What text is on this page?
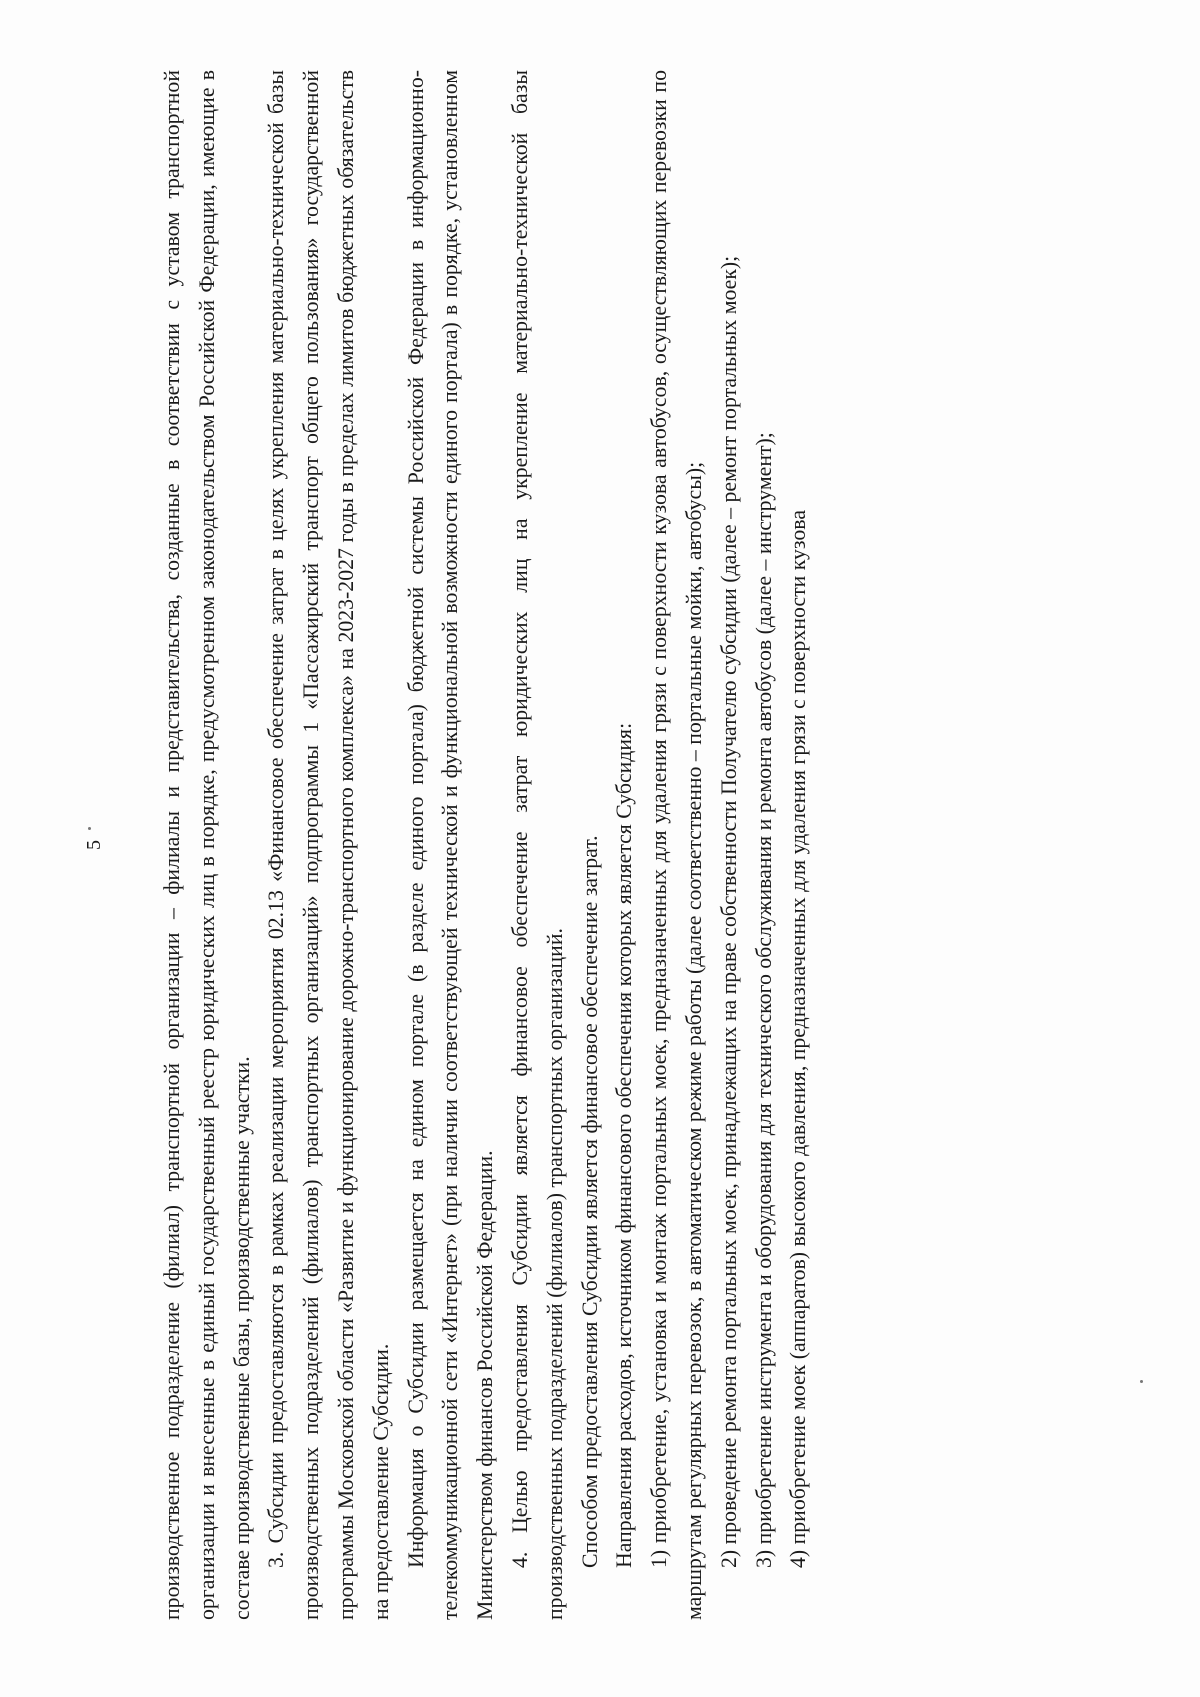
5	производственное подразделение (филиал) транспортной организации – филиалы и представительства, созданные в соответствии с уставом транспортной организации и внесенные в единый государственный реестр юридических лиц в порядке, предусмотренном законодательством Российской Федерации, имеющие в составе производственные базы, производственные участки. 3. Субсидии предоставляются в рамках реализации мероприятия 02.13 «Финансовое обеспечение затрат в целях укрепления материально-технической базы производственных подразделений (филиалов) транспортных организаций» подпрограммы 1 «Пассажирский транспорт общего пользования» государственной программы Московской области «Развитие и функционирование дорожно-транспортного комплекса» на 2023-2027 годы в пределах лимитов бюджетных обязательств на предоставление Субсидии. Информация о Субсидии размещается на едином портале (в разделе единого портала) бюджетной системы Российской Федерации в информационно-телекоммуникационной сети «Интернет» (при наличии соответствующей технической и функциональной возможности единого портала) в порядке, установленном Министерством финансов Российской Федерации. 4. Целью предоставления Субсидии является финансовое обеспечение затрат юридических лиц на укрепление материально-технической базы производственных подразделений (филиалов) транспортных организаций. Способом предоставления Субсидии является финансовое обеспечение затрат. Направления расходов, источником финансового обеспечения которых является Субсидия: 1) приобретение, установка и монтаж портальных моек, предназначенных для удаления грязи с поверхности кузова автобусов, осуществляющих перевозки по маршрутам регулярных перевозок, в автоматическом режиме работы (далее соответственно – портальные мойки, автобусы); 2) проведение ремонта портальных моек, принадлежащих на праве собственности Получателю субсидии (далее – ремонт портальных моек); 3) приобретение инструмента и оборудования для технического обслуживания и ремонта автобусов (далее – инструмент); 4) приобретение моек (аппаратов) высокого давления, предназначенных для удаления грязи с поверхности кузова
